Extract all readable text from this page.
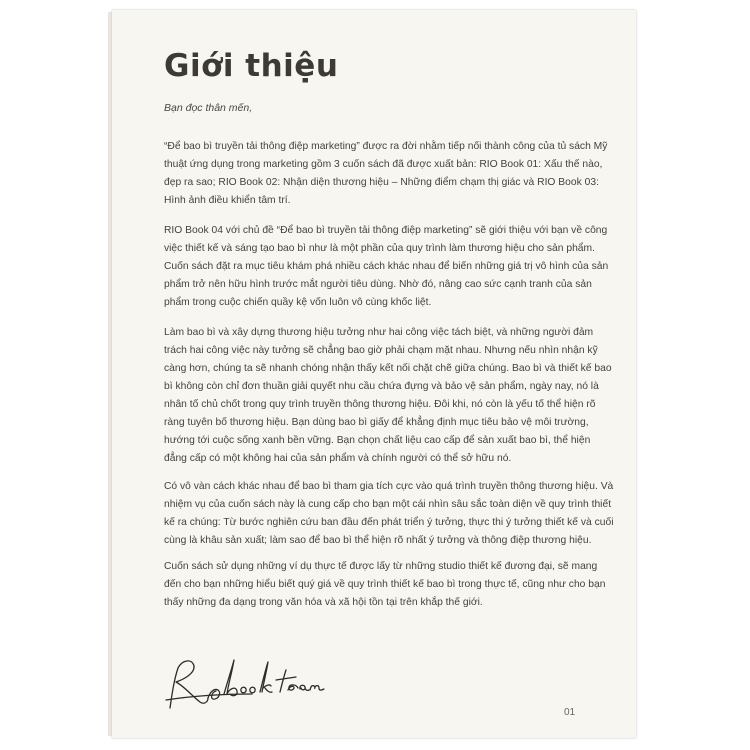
Giới thiệu
Bạn đọc thân mến,

“Để bao bì truyền tải thông điệp marketing” được ra đời nhằm tiếp nối thành công của tủ sách Mỹ thuật ứng dụng trong marketing gồm 3 cuốn sách đã được xuất bản: RIO Book 01: Xấu thế nào, đẹp ra sao; RIO Book 02: Nhận diện thương hiệu – Những điểm chạm thị giác và RIO Book 03: Hình ảnh điều khiển tâm trí.

RIO Book 04 với chủ đề “Để bao bì truyền tải thông điệp marketing” sẽ giới thiệu với bạn về công việc thiết kế và sáng tạo bao bì như là một phần của quy trình làm thương hiệu cho sản phẩm. Cuốn sách đặt ra mục tiêu khám phá nhiều cách khác nhau để biến những giá trị vô hình của sản phẩm trở nên hữu hình trước mắt người tiêu dùng. Nhờ đó, nâng cao sức cạnh tranh của sản phẩm trong cuộc chiến quầy kệ vốn luôn vô cùng khốc liệt.

Làm bao bì và xây dựng thương hiệu tưởng như hai công việc tách biệt, và những người đảm trách hai công việc này tưởng sẽ chẳng bao giờ phải chạm mặt nhau. Nhưng nếu nhìn nhận kỹ càng hơn, chúng ta sẽ nhanh chóng nhận thấy kết nối chặt chẽ giữa chúng. Bao bì và thiết kế bao bì không còn chỉ đơn thuần giải quyết nhu cầu chứa đựng và bảo vệ sản phẩm, ngày nay, nó là nhân tố chủ chốt trong quy trình truyền thông thương hiệu. Đôi khi, nó còn là yếu tố thể hiện rõ ràng tuyên bố thương hiệu. Bạn dùng bao bì giấy để khẳng định mục tiêu bảo vệ môi trường, hướng tới cuộc sống xanh bền vững. Bạn chọn chất liệu cao cấp để sản xuất bao bì, thể hiện đẳng cấp có một không hai của sản phẩm và chính người có thể sở hữu nó.

Có vô vàn cách khác nhau để bao bì tham gia tích cực vào quá trình truyền thông thương hiệu. Và nhiệm vụ của cuốn sách này là cung cấp cho bạn một cái nhìn sâu sắc toàn diện về quy trình thiết kế ra chúng: Từ bước nghiên cứu ban đầu đến phát triển ý tưởng, thực thi ý tưởng thiết kế và cuối cùng là khâu sản xuất; làm sao để bao bì thể hiện rõ nhất ý tưởng và thông điệp thương hiệu.

Cuốn sách sử dụng những ví dụ thực tế được lấy từ những studio thiết kế đương đại, sẽ mang đến cho bạn những hiểu biết quý giá về quy trình thiết kế bao bì trong thực tế, cũng như cho bạn thấy những đa dạng trong văn hóa và xã hội tồn tại trên khắp thế giới.

01
